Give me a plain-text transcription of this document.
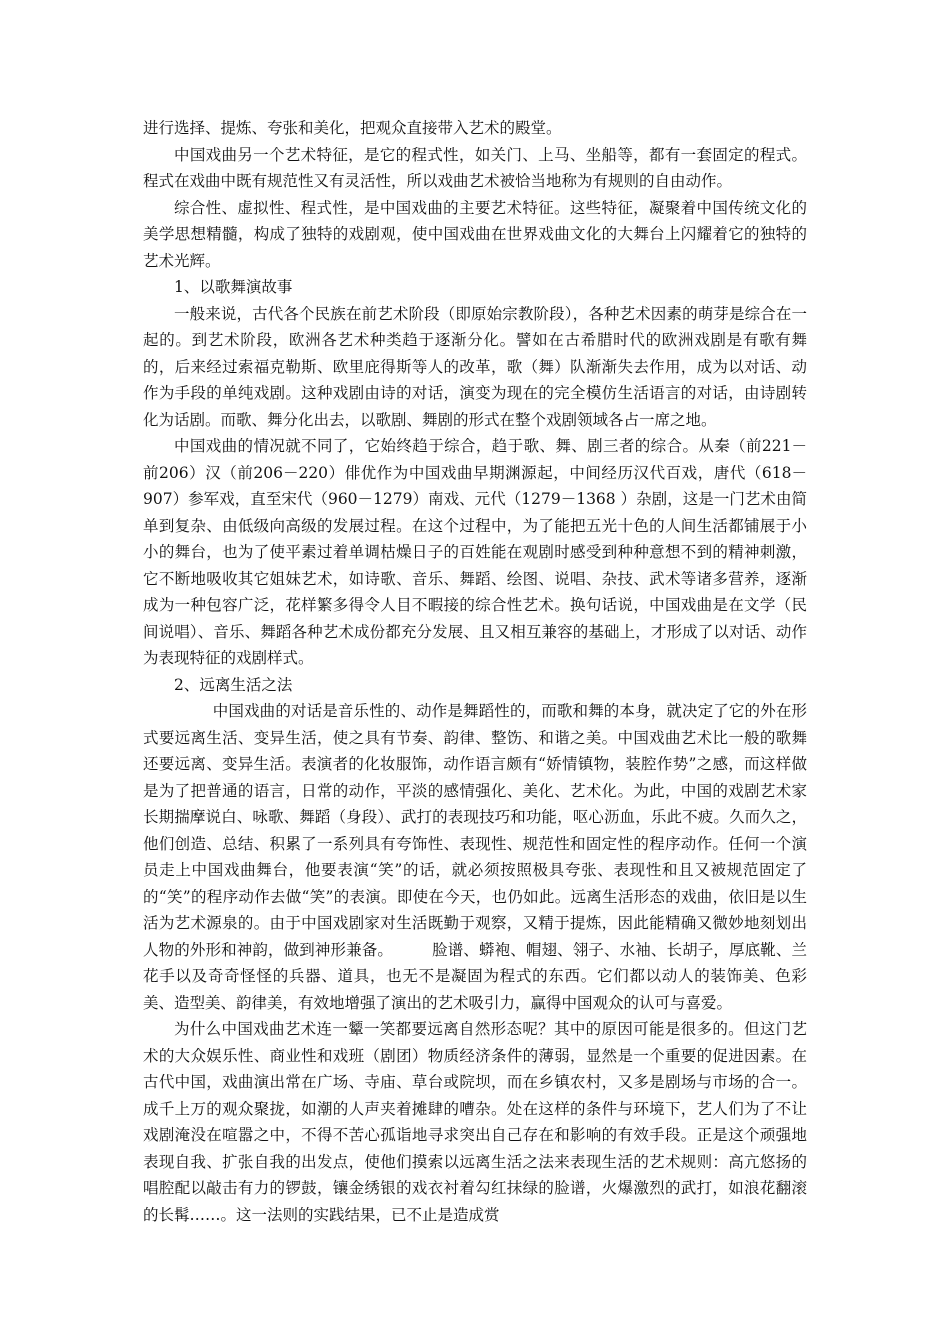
进行选择、提炼、夸张和美化，把观众直接带入艺术的殿堂。

中国戏曲另一个艺术特征，是它的程式性，如关门、上马、坐船等，都有一套固定的程式。程式在戏曲中既有规范性又有灵活性，所以戏曲艺术被恰当地称为有规则的自由动作。

综合性、虚拟性、程式性，是中国戏曲的主要艺术特征。这些特征，凝聚着中国传统文化的美学思想精髓，构成了独特的戏剧观，使中国戏曲在世界戏曲文化的大舞台上闪耀着它的独特的艺术光辉。

1、以歌舞演故事

一般来说，古代各个民族在前艺术阶段（即原始宗教阶段），各种艺术因素的萌芽是综合在一起的。到艺术阶段，欧洲各艺术种类趋于逐渐分化。譬如在古希腊时代的欧洲戏剧是有歌有舞的，后来经过索福克勒斯、欧里庇得斯等人的改革，歌（舞）队渐渐失去作用，成为以对话、动作为手段的单纯戏剧。这种戏剧由诗的对话，演变为现在的完全模仿生活语言的对话，由诗剧转化为话剧。而歌、舞分化出去，以歌剧、舞剧的形式在整个戏剧领域各占一席之地。

中国戏曲的情况就不同了，它始终趋于综合，趋于歌、舞、剧三者的综合。从秦（前221－前206）汉（前206－220）俳优作为中国戏曲早期渊源起，中间经历汉代百戏，唐代（618－907）参军戏，直至宋代（960－1279）南戏、元代（1279－1368 ）杂剧，这是一门艺术由简单到复杂、由低级向高级的发展过程。在这个过程中，为了能把五光十色的人间生活都铺展于小小的舞台，也为了使平素过着单调枯燥日子的百姓能在观剧时感受到种种意想不到的精神刺激，它不断地吸收其它姐妹艺术，如诗歌、音乐、舞蹈、绘图、说唱、杂技、武术等诸多营养，逐渐成为一种包容广泛，花样繁多得令人目不暇接的综合性艺术。换句话说，中国戏曲是在文学（民间说唱）、音乐、舞蹈各种艺术成份都充分发展、且又相互兼容的基础上，才形成了以对话、动作为表现特征的戏剧样式。

2、远离生活之法

中国戏曲的对话是音乐性的、动作是舞蹈性的，而歌和舞的本身，就决定了它的外在形式要远离生活、变异生活，使之具有节奏、韵律、整饬、和谐之美。中国戏曲艺术比一般的歌舞还要远离、变异生活。表演者的化妆服饰，动作语言颇有“娇情镇物，装腔作势”之感，而这样做是为了把普通的语言，日常的动作，平淡的感情强化、美化、艺术化。为此，中国的戏剧艺术家长期揣摩说白、咏歌、舞蹈（身段）、武打的表现技巧和功能，呕心沥血，乐此不疲。久而久之，他们创造、总结、积累了一系列具有夸饰性、表现性、规范性和固定性的程序动作。任何一个演员走上中国戏曲舞台，他要表演“笑”的话，就必须按照极具夸张、表现性和且又被规范固定了的“笑”的程序动作去做“笑”的表演。即使在今天，也仍如此。远离生活形态的戏曲，依旧是以生活为艺术源泉的。由于中国戏剧家对生活既勤于观察，又精于提炼，因此能精确又微妙地刻划出人物的外形和神韵，做到神形兼备。　　　脸谱、蟒袍、帽翅、翎子、水袖、长胡子，厚底靴、兰花手以及奇奇怪怪的兵器、道具，也无不是凝固为程式的东西。它们都以动人的装饰美、色彩美、造型美、韵律美，有效地增强了演出的艺术吸引力，赢得中国观众的认可与喜爱。

为什么中国戏曲艺术连一颦一笑都要远离自然形态呢？其中的原因可能是很多的。但这门艺术的大众娱乐性、商业性和戏班（剧团）物质经济条件的薄弱，显然是一个重要的促进因素。在古代中国，戏曲演出常在广场、寺庙、草台或院坝，而在乡镇农村，又多是剧场与市场的合一。成千上万的观众聚拢，如潮的人声夹着摊肆的嘈杂。处在这样的条件与环境下，艺人们为了不让戏剧淹没在喧嚣之中，不得不苦心孤诣地寻求突出自己存在和影响的有效手段。正是这个顽强地表现自我、扩张自我的出发点，使他们摸索以远离生活之法来表现生活的艺术规则：高亢悠扬的唱腔配以敲击有力的锣鼓，镶金绣银的戏衣衬着勾红抹绿的脸谱，火爆激烈的武打，如浪花翻滚的长髯……。这一法则的实践结果，已不止是造成赏
